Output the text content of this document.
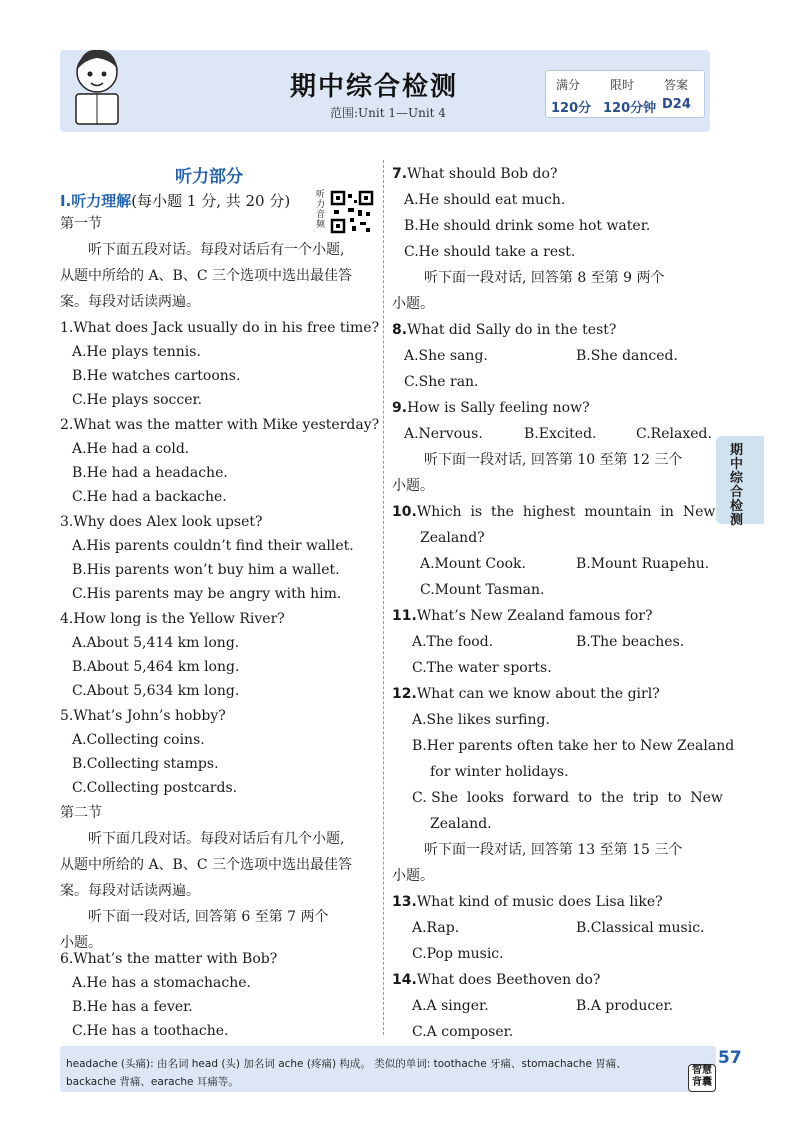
期中综合检测
范围:Unit 1—Unit 4
满分 限时 答案
120分 120分钟 D24
听力部分
Ⅰ.听力理解(每小题 1 分, 共 20 分)	听力音频
第一节
听下面五段对话。每段对话后有一个小题,
从题中所给的 A、B、C 三个选项中选出最佳答
案。每段对话读两遍。
1.What does Jack usually do in his free time?
A.He plays tennis.
B.He watches cartoons.
C.He plays soccer.
2.What was the matter with Mike yesterday?
A.He had a cold.
B.He had a headache.
C.He had a backache.
3.Why does Alex look upset?
A.His parents couldn’t find their wallet.
B.His parents won’t buy him a wallet.
C.His parents may be angry with him.
4.How long is the Yellow River?
A.About 5,414 km long.
B.About 5,464 km long.
C.About 5,634 km long.
5.What’s John’s hobby?
A.Collecting coins.
B.Collecting stamps.
C.Collecting postcards.
第二节
听下面几段对话。每段对话后有几个小题,
从题中所给的 A、B、C 三个选项中选出最佳答
案。每段对话读两遍。
听下面一段对话, 回答第 6 至第 7 两个
小题。
6.What’s the matter with Bob?
A.He has a stomachache.
B.He has a fever.
C.He has a toothache.
7.What should Bob do?
A.He should eat much.
B.He should drink some hot water.
C.He should take a rest.
听下面一段对话, 回答第 8 至第 9 两个
小题。
8.What did Sally do in the test?
A.She sang.	B.She danced.
C.She ran.
9.How is Sally feeling now?
A.Nervous.	B.Excited.	C.Relaxed.
听下面一段对话, 回答第 10 至第 12 三个
小题。
10.Which  is  the  highest  mountain  in  New
Zealand?
A.Mount Cook.	B.Mount Ruapehu.
C.Mount Tasman.
11.What’s New Zealand famous for?
A.The food.	B.The beaches.
C.The water sports.
12.What can we know about the girl?
A.She likes surfing.
B.Her parents often take her to New Zealand
for winter holidays.
C. She  looks  forward  to  the  trip  to  New
Zealand.
听下面一段对话, 回答第 13 至第 15 三个
小题。
13.What kind of music does Lisa like?
A.Rap.	B.Classical music.
C.Pop music.
14.What does Beethoven do?
A.A singer.	B.A producer.
C.A composer.
期中综合检测
headache (头痛): 由名词 head (头) 加名词 ache (疼痛) 构成。 类似的单词: toothache 牙痛、stomachache 胃痛、
backache 背痛、earache 耳痛等。
智慧背囊
57
